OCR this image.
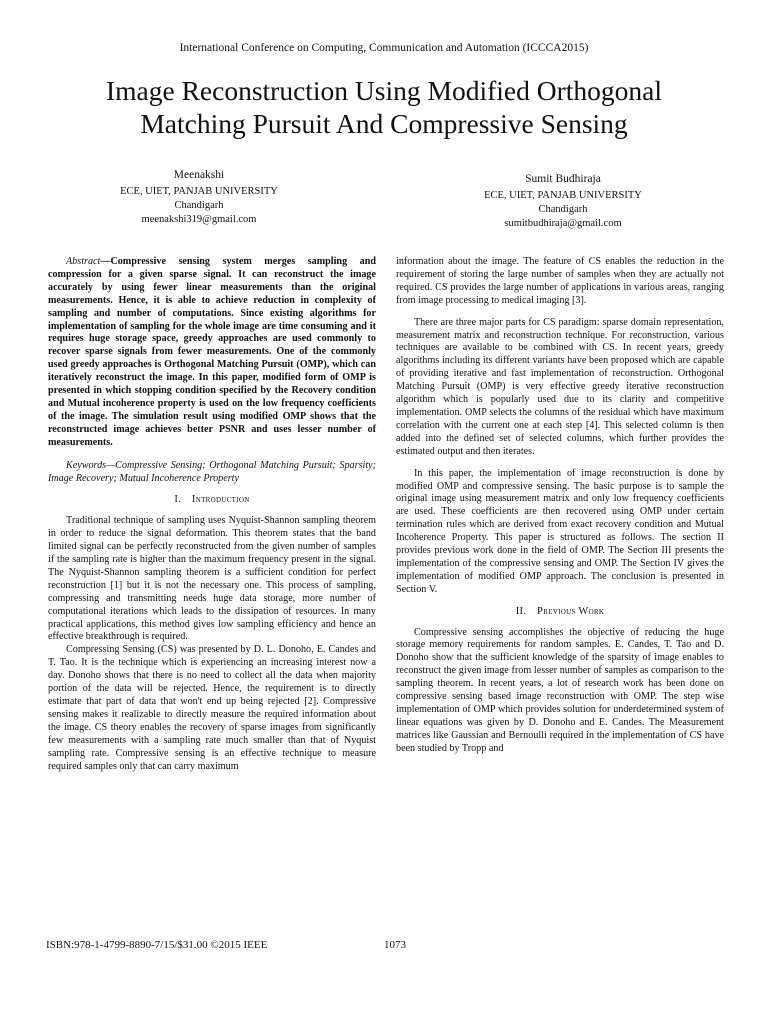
International Conference on Computing, Communication and Automation (ICCCA2015)
Image Reconstruction Using Modified Orthogonal
Matching Pursuit And Compressive Sensing
Meenakshi
ECE, UIET, PANJAB UNIVERSITY
Chandigarh
meenakshi319@gmail.com
Sumit Budhiraja
ECE, UIET, PANJAB UNIVERSITY
Chandigarh
sumitbudhiraja@gmail.com

Abstract—Compressive sensing system merges sampling and compression for a given sparse signal. It can reconstruct the image accurately by using fewer linear measurements than the original measurements. Hence, it is able to achieve reduction in complexity of sampling and number of computations. Since existing algorithms for implementation of sampling for the whole image are time consuming and it requires huge storage space, greedy approaches are used commonly to recover sparse signals from fewer measurements. One of the commonly used greedy approaches is Orthogonal Matching Pursuit (OMP), which can iteratively reconstruct the image. In this paper, modified form of OMP is presented in which stopping condition specified by the Recovery condition and Mutual incoherence property is used on the low frequency coefficients of the image. The simulation result using modified OMP shows that the reconstructed image achieves better PSNR and uses lesser number of measurements.

Keywords—Compressive Sensing; Orthogonal Matching Pursuit; Sparsity; Image Recovery; Mutual Incoherence Property

I. Introduction

Traditional technique of sampling uses Nyquist-Shannon sampling theorem in order to reduce the signal deformation. This theorem states that the band limited signal can be perfectly reconstructed from the given number of samples if the sampling rate is higher than the maximum frequency present in the signal. The Nyquist-Shannon sampling theorem is a sufficient condition for perfect reconstruction [1] but it is not the necessary one. This process of sampling, compressing and transmitting needs huge data storage, more number of computational iterations which leads to the dissipation of resources. In many practical applications, this method gives low sampling efficiency and hence an effective breakthrough is required.

Compressing Sensing (CS) was presented by D. L. Donoho, E. Candes and T. Tao. It is the technique which is experiencing an increasing interest now a day. Donoho shows that there is no need to collect all the data when majority portion of the data will be rejected. Hence, the requirement is to directly estimate that part of data that won't end up being rejected [2]. Compressive sensing makes it realizable to directly measure the required information about the image. CS theory enables the recovery of sparse images from significantly few measurements with a sampling rate much smaller than that of Nyquist sampling rate. Compressive sensing is an effective technique to measure required samples only that can carry maximum

information about the image. The feature of CS enables the reduction in the requirement of storing the large number of samples when they are actually not required. CS provides the large number of applications in various areas, ranging from image processing to medical imaging [3].

There are three major parts for CS paradigm: sparse domain representation, measurement matrix and reconstruction technique. For reconstruction, various techniques are available to be combined with CS. In recent years, greedy algorithms including its different variants have been proposed which are capable of providing iterative and fast implementation of reconstruction. Orthogonal Matching Pursuit (OMP) is very effective greedy iterative reconstruction algorithm which is popularly used due to its clarity and competitive implementation. OMP selects the columns of the residual which have maximum correlation with the current one at each step [4]. This selected column is then added into the defined set of selected columns, which further provides the estimated output and then iterates.

In this paper, the implementation of image reconstruction is done by modified OMP and compressive sensing. The basic purpose is to sample the original image using measurement matrix and only low frequency coefficients are used. These coefficients are then recovered using OMP under certain termination rules which are derived from exact recovery condition and Mutual Incoherence Property. This paper is structured as follows. The section II provides previous work done in the field of OMP. The Section III presents the implementation of the compressive sensing and OMP. The Section IV gives the implementation of modified OMP approach. The conclusion is presented in Section V.

II. Previous Work

Compressive sensing accomplishes the objective of reducing the huge storage memory requirements for random samples. E. Candes, T. Tao and D. Donoho show that the sufficient knowledge of the sparsity of image enables to reconstruct the given image from lesser number of samples as comparison to the sampling theorem. In recent years, a lot of research work has been done on compressive sensing based image reconstruction with OMP. The step wise implementation of OMP which provides solution for underdetermined system of linear equations was given by D. Donoho and E. Candes. The Measurement matrices like Gaussian and Bernoulli required in the implementation of CS have been studied by Tropp and

ISBN:978-1-4799-8890-7/15/$31.00 ©2015 IEEE	1073
